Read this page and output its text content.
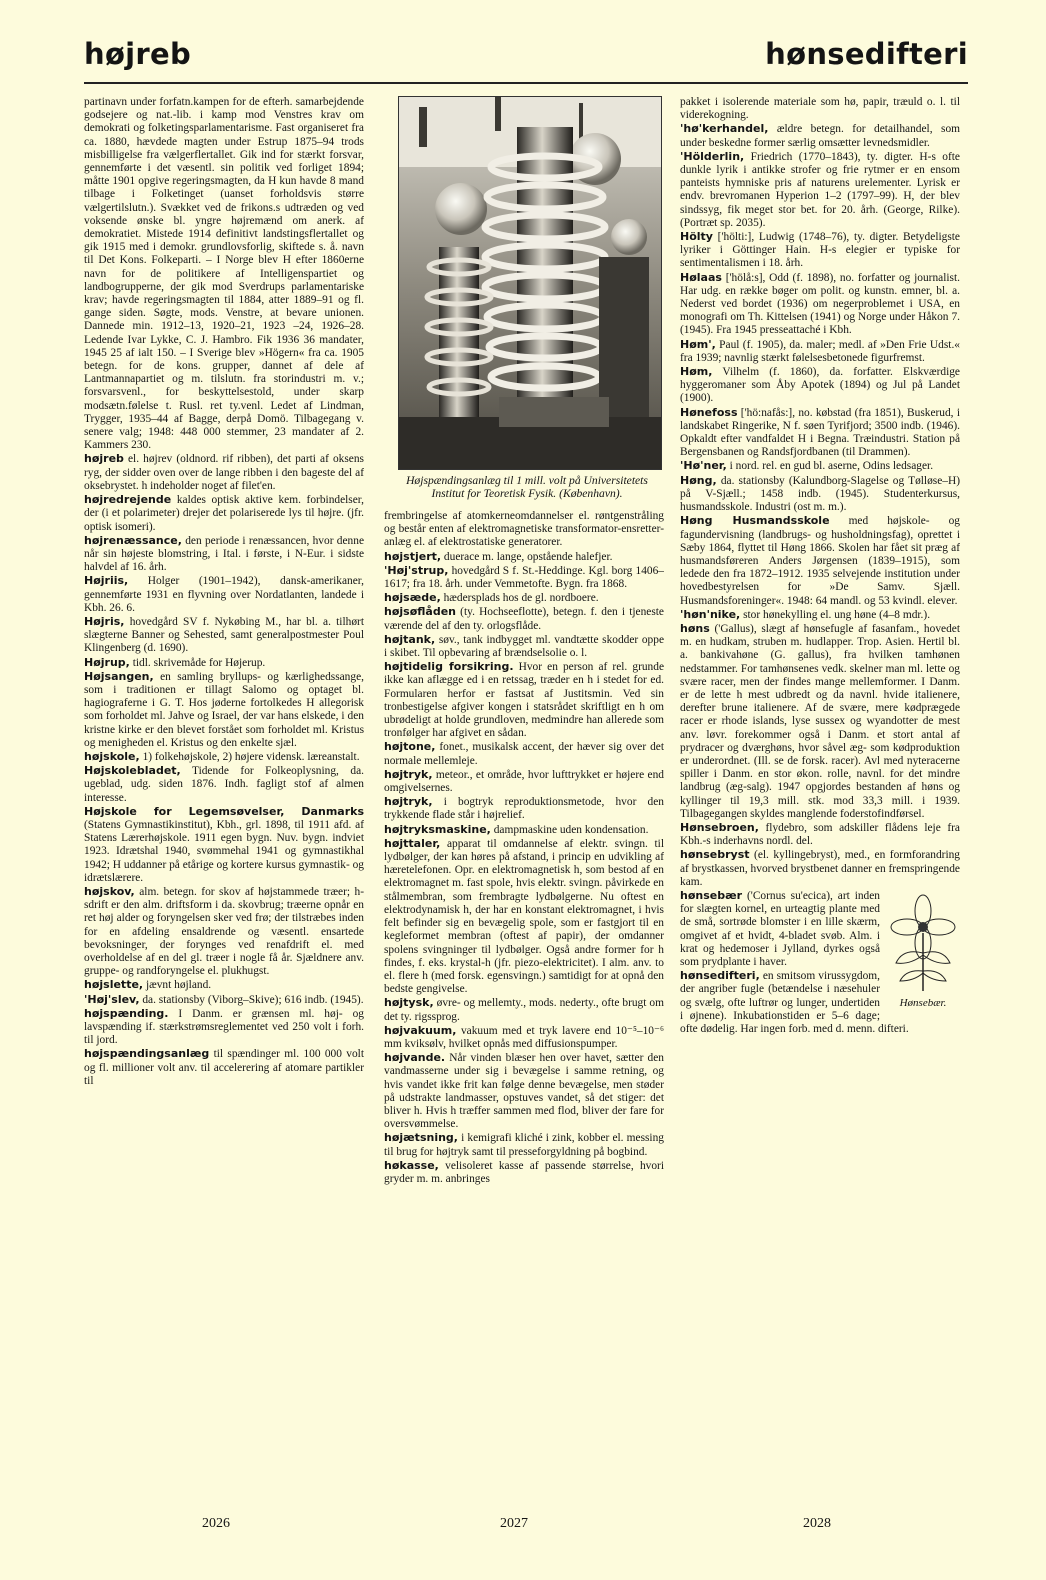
højreb	hønsedifteri

partinavn under forfatn.kampen for de efterh. samarbejdende godsejere og nat.-lib. i kamp mod Venstres krav om demokrati og folketingsparlamentarisme. Fast organiseret fra ca. 1880, hævdede magten under Estrup 1875–94 trods misbilligelse fra vælgerflertallet. Gik ind for stærkt forsvar, gennemførte i det væsentl. sin politik ved forliget 1894; måtte 1901 opgive regeringsmagten, da H kun havde 8 mand tilbage i Folketinget (uanset forholdsvis større vælgertilslutn.). Svækket ved de frikons.s udtræden og ved voksende ønske bl. yngre højremænd om anerk. af demokratiet. Mistede 1914 definitivt landstingsflertallet og gik 1915 med i demokr. grundlovsforlig, skiftede s. å. navn til Det Kons. Folkeparti. – I Norge blev H efter 1860erne navn for de politikere af Intelligenspartiet og landbogrupperne, der gik mod Sverdrups parlamentariske krav; havde regeringsmagten til 1884, atter 1889–91 og fl. gange siden. Søgte, mods. Venstre, at bevare unionen. Dannede min. 1912–13, 1920–21, 1923 –24, 1926–28. Ledende Ivar Lykke, C. J. Hambro. Fik 1936 36 mandater, 1945 25 af ialt 150. – I Sverige blev »Högern« fra ca. 1905 betegn. for de kons. grupper, dannet af dele af Lantmannapartiet og m. tilslutn. fra storindustri m. v.; forsvarsvenl., for beskyttelsestold, under skarp modsætn.følelse t. Rusl. ret ty.venl. Ledet af Lindman, Trygger, 1935–44 af Bagge, derpå Domö. Tilbagegang v. senere valg; 1948: 448 000 stemmer, 23 mandater af 2. Kammers 230.

højreb el. højrev (oldnord. rif ribben), det parti af oksens ryg, der sidder oven over de lange ribben i den bageste del af oksebrystet. h indeholder noget af filet'en.

højredrejende kaldes optisk aktive kem. forbindelser, der (i et polarimeter) drejer det polariserede lys til højre. (jfr. optisk isomeri).

højrenæssance, den periode i renæssancen, hvor denne når sin højeste blomstring, i Ital. i første, i N-Eur. i sidste halvdel af 16. årh.

Højriis, Holger (1901–1942), dansk-amerikaner, gennemførte 1931 en flyvning over Nordatlanten, landede i Kbh. 26. 6.

Højris, hovedgård SV f. Nykøbing M., har bl. a. tilhørt slægterne Banner og Sehested, samt generalpostmester Poul Klingenberg (d. 1690).

Højrup, tidl. skrivemåde for Højerup.

Højsangen, en samling bryllups- og kærlighedssange, som i traditionen er tillagt Salomo og optaget bl. hagiograferne i G. T. Hos jøderne fortolkedes H allegorisk som forholdet ml. Jahve og Israel, der var hans elskede, i den kristne kirke er den blevet forstået som forholdet ml. Kristus og menigheden el. Kristus og den enkelte sjæl.

højskole, 1) folkehøjskole, 2) højere vidensk. læreanstalt.

Højskolebladet, Tidende for Folkeoplysning, da. ugeblad, udg. siden 1876. Indh. fagligt stof af almen interesse.

Højskole for Legemsøvelser, Danmarks (Statens Gymnastikinstitut), Kbh., grl. 1898, til 1911 afd. af Statens Lærerhøjskole. 1911 egen bygn. Nuv. bygn. indviet 1923. Idrætshal 1940, svømmehal 1941 og gymnastikhal 1942; H uddanner på etårige og kortere kursus gymnastik- og idrætslærere.

højskov, alm. betegn. for skov af højstammede træer; h-sdrift er den alm. driftsform i da. skovbrug; træerne opnår en ret høj alder og foryngelsen sker ved frø; der tilstræbes inden for en afdeling ensaldrende og væsentl. ensartede bevoksninger, der forynges ved renafdrift el. med overholdelse af en del gl. træer i nogle få år. Sjældnere anv. gruppe- og randforyngelse el. plukhugst.

højslette, jævnt højland.

'Høj'slev, da. stationsby (Viborg–Skive); 616 indb. (1945).

højspænding. I Danm. er grænsen ml. høj- og lavspænding if. stærkstrømsreglementet ved 250 volt i forh. til jord.

højspændingsanlæg til spændinger ml. 100 000 volt og fl. millioner volt anv. til accelerering af atomare partikler til

Højspændingsanlæg til 1 mill. volt på Universitetets Institut for Teoretisk Fysik. (København).

frembringelse af atomkerneomdannelser el. røntgenstråling og består enten af elektromagnetiske transformator-ensretter-anlæg el. af elektrostatiske generatorer.

højstjert, duerace m. lange, opstående halefjer.

'Høj'strup, hovedgård S f. St.-Heddinge. Kgl. borg 1406–1617; fra 18. årh. under Vemmetofte. Bygn. fra 1868.

højsæde, hædersplads hos de gl. nordboere.

højsøflåden (ty. Hochseeflotte), betegn. f. den i tjeneste værende del af den ty. orlogsflåde.

højtank, søv., tank indbygget ml. vandtætte skodder oppe i skibet. Til opbevaring af brændselsolie o. l.

højtidelig forsikring. Hvor en person af rel. grunde ikke kan aflægge ed i en retssag, træder en h i stedet for ed. Formularen herfor er fastsat af Justitsmin. Ved sin tronbestigelse afgiver kongen i statsrådet skriftligt en h om ubrødeligt at holde grundloven, medmindre han allerede som tronfølger har afgivet en sådan.

højtone, fonet., musikalsk accent, der hæver sig over det normale mellemleje.

højtryk, meteor., et område, hvor lufttrykket er højere end omgivelsernes.

højtryk, i bogtryk reproduktionsmetode, hvor den trykkende flade står i højrelief.

højtryksmaskine, dampmaskine uden kondensation.

højttaler, apparat til omdannelse af elektr. svingn. til lydbølger, der kan høres på afstand, i princip en udvikling af hæretelefonen. Opr. en elektromagnetisk h, som bestod af en elektromagnet m. fast spole, hvis elektr. svingn. påvirkede en stålmembran, som frembragte lydbølgerne. Nu oftest en elektrodynamisk h, der har en konstant elektromagnet, i hvis felt befinder sig en bevægelig spole, som er fastgjort til en kegleformet membran (oftest af papir), der omdanner spolens svingninger til lydbølger. Også andre former for h findes, f. eks. krystal-h (jfr. piezo-elektricitet). I alm. anv. to el. flere h (med forsk. egensvingn.) samtidigt for at opnå den bedste gengivelse.

højtysk, øvre- og mellemty., mods. nederty., ofte brugt om det ty. rigssprog.

højvakuum, vakuum med et tryk lavere end 10⁻⁵–10⁻⁶ mm kviksølv, hvilket opnås med diffusionspumper.

højvande. Når vinden blæser hen over havet, sætter den vandmasserne under sig i bevægelse i samme retning, og hvis vandet ikke frit kan følge denne bevægelse, men støder på udstrakte landmasser, opstuves vandet, så det stiger: det bliver h. Hvis h træffer sammen med flod, bliver der fare for oversvømmelse.

højætsning, i kemigrafi kliché i zink, kobber el. messing til brug for højtryk samt til presseforgyldning på bogbind.

høkasse, velisoleret kasse af passende størrelse, hvori gryder m. m. anbringes

pakket i isolerende materiale som hø, papir, træuld o. l. til viderekogning.

'hø'kerhandel, ældre betegn. for detailhandel, som under beskedne former særlig omsætter levnedsmidler.

'Hölderlin, Friedrich (1770–1843), ty. digter. H-s ofte dunkle lyrik i antikke strofer og frie rytmer er en ensom panteists hymniske pris af naturens urelementer. Lyrisk er endv. brevromanen Hyperion 1–2 (1797–99). H, der blev sindssyg, fik meget stor bet. for 20. årh. (George, Rilke). (Portræt sp. 2035).

Hölty ['hölti:], Ludwig (1748–76), ty. digter. Betydeligste lyriker i Göttinger Hain. H-s elegier er typiske for sentimentalismen i 18. årh.

Hølaas ['hölå:s], Odd (f. 1898), no. forfatter og journalist. Har udg. en række bøger om polit. og kunstn. emner, bl. a. Nederst ved bordet (1936) om negerproblemet i USA, en monografi om Th. Kittelsen (1941) og Norge under Håkon 7. (1945). Fra 1945 presseattaché i Kbh.

Høm', Paul (f. 1905), da. maler; medl. af »Den Frie Udst.« fra 1939; navnlig stærkt følelsesbetonede figurfremst.

Høm, Vilhelm (f. 1860), da. forfatter. Elskværdige hyggeromaner som Åby Apotek (1894) og Jul på Landet (1900).

Hønefoss ['hö:nafås:], no. købstad (fra 1851), Buskerud, i landskabet Ringerike, N f. søen Tyrifjord; 3500 indb. (1946). Opkaldt efter vandfaldet H i Begna. Træindustri. Station på Bergensbanen og Randsfjordbanen (til Drammen).

'Hø'ner, i nord. rel. en gud bl. aserne, Odins ledsager.

Høng, da. stationsby (Kalundborg-Slagelse og Tølløse–H) på V-Sjæll.; 1458 indb. (1945). Studenterkursus, husmandsskole. Industri (ost m. m.).

Høng Husmandsskole med højskole- og fagundervisning (landbrugs- og husholdningsfag), oprettet i Sæby 1864, flyttet til Høng 1866. Skolen har fået sit præg af husmandsføreren Anders Jørgensen (1839–1915), som ledede den fra 1872–1912. 1935 selvejende institution under hovedbestyrelsen for »De Samv. Sjæll. Husmandsforeninger«. 1948: 64 mandl. og 53 kvindl. elever.

'høn'nike, stor hønekylling el. ung høne (4–8 mdr.).

høns ('Gallus), slægt af hønsefugle af fasanfam., hovedet m. en hudkam, struben m. hudlapper. Trop. Asien. Hertil bl. a. bankivahøne (G. gallus), fra hvilken tamhønen nedstammer. For tamhønsenes vedk. skelner man ml. lette og svære racer, men der findes mange mellemformer. I Danm. er de lette h mest udbredt og da navnl. hvide italienere, derefter brune italienere. Af de svære, mere kødprægede racer er rhode islands, lyse sussex og wyandotter de mest anv. løvr. forekommer også i Danm. et stort antal af prydracer og dværghøns, hvor såvel æg- som kødproduktion er underordnet. (Ill. se de forsk. racer). Avl med nyteracerne spiller i Danm. en stor økon. rolle, navnl. for det mindre landbrug (æg-salg). 1947 opgjordes bestanden af høns og kyllinger til 19,3 mill. stk. mod 33,3 mill. i 1939. Tilbagegangen skyldes manglende foderstofindførsel.

Hønsebroen, flydebro, som adskiller flådens leje fra Kbh.-s inderhavns nordl. del.

hønsebryst (el. kyllingebryst), med., en formforandring af brystkassen, hvorved brystbenet danner en fremspringende kam.

Hønsebær.

hønsebær ('Cornus su'ecica), art inden for slægten kornel, en urteagtig plante med de små, sortrøde blomster i en lille skærm, omgivet af et hvidt, 4-bladet svøb. Alm. i krat og hedemoser i Jylland, dyrkes også som prydplante i haver.

hønsedifteri, en smitsom virussygdom, der angriber fugle (betændelse i næsehuler og svælg, ofte luftrør og lunger, undertiden i øjnene). Inkubationstiden er 5–6 dage; ofte dødelig. Har ingen forb. med d. menn. difteri.

2026	2027	2028
